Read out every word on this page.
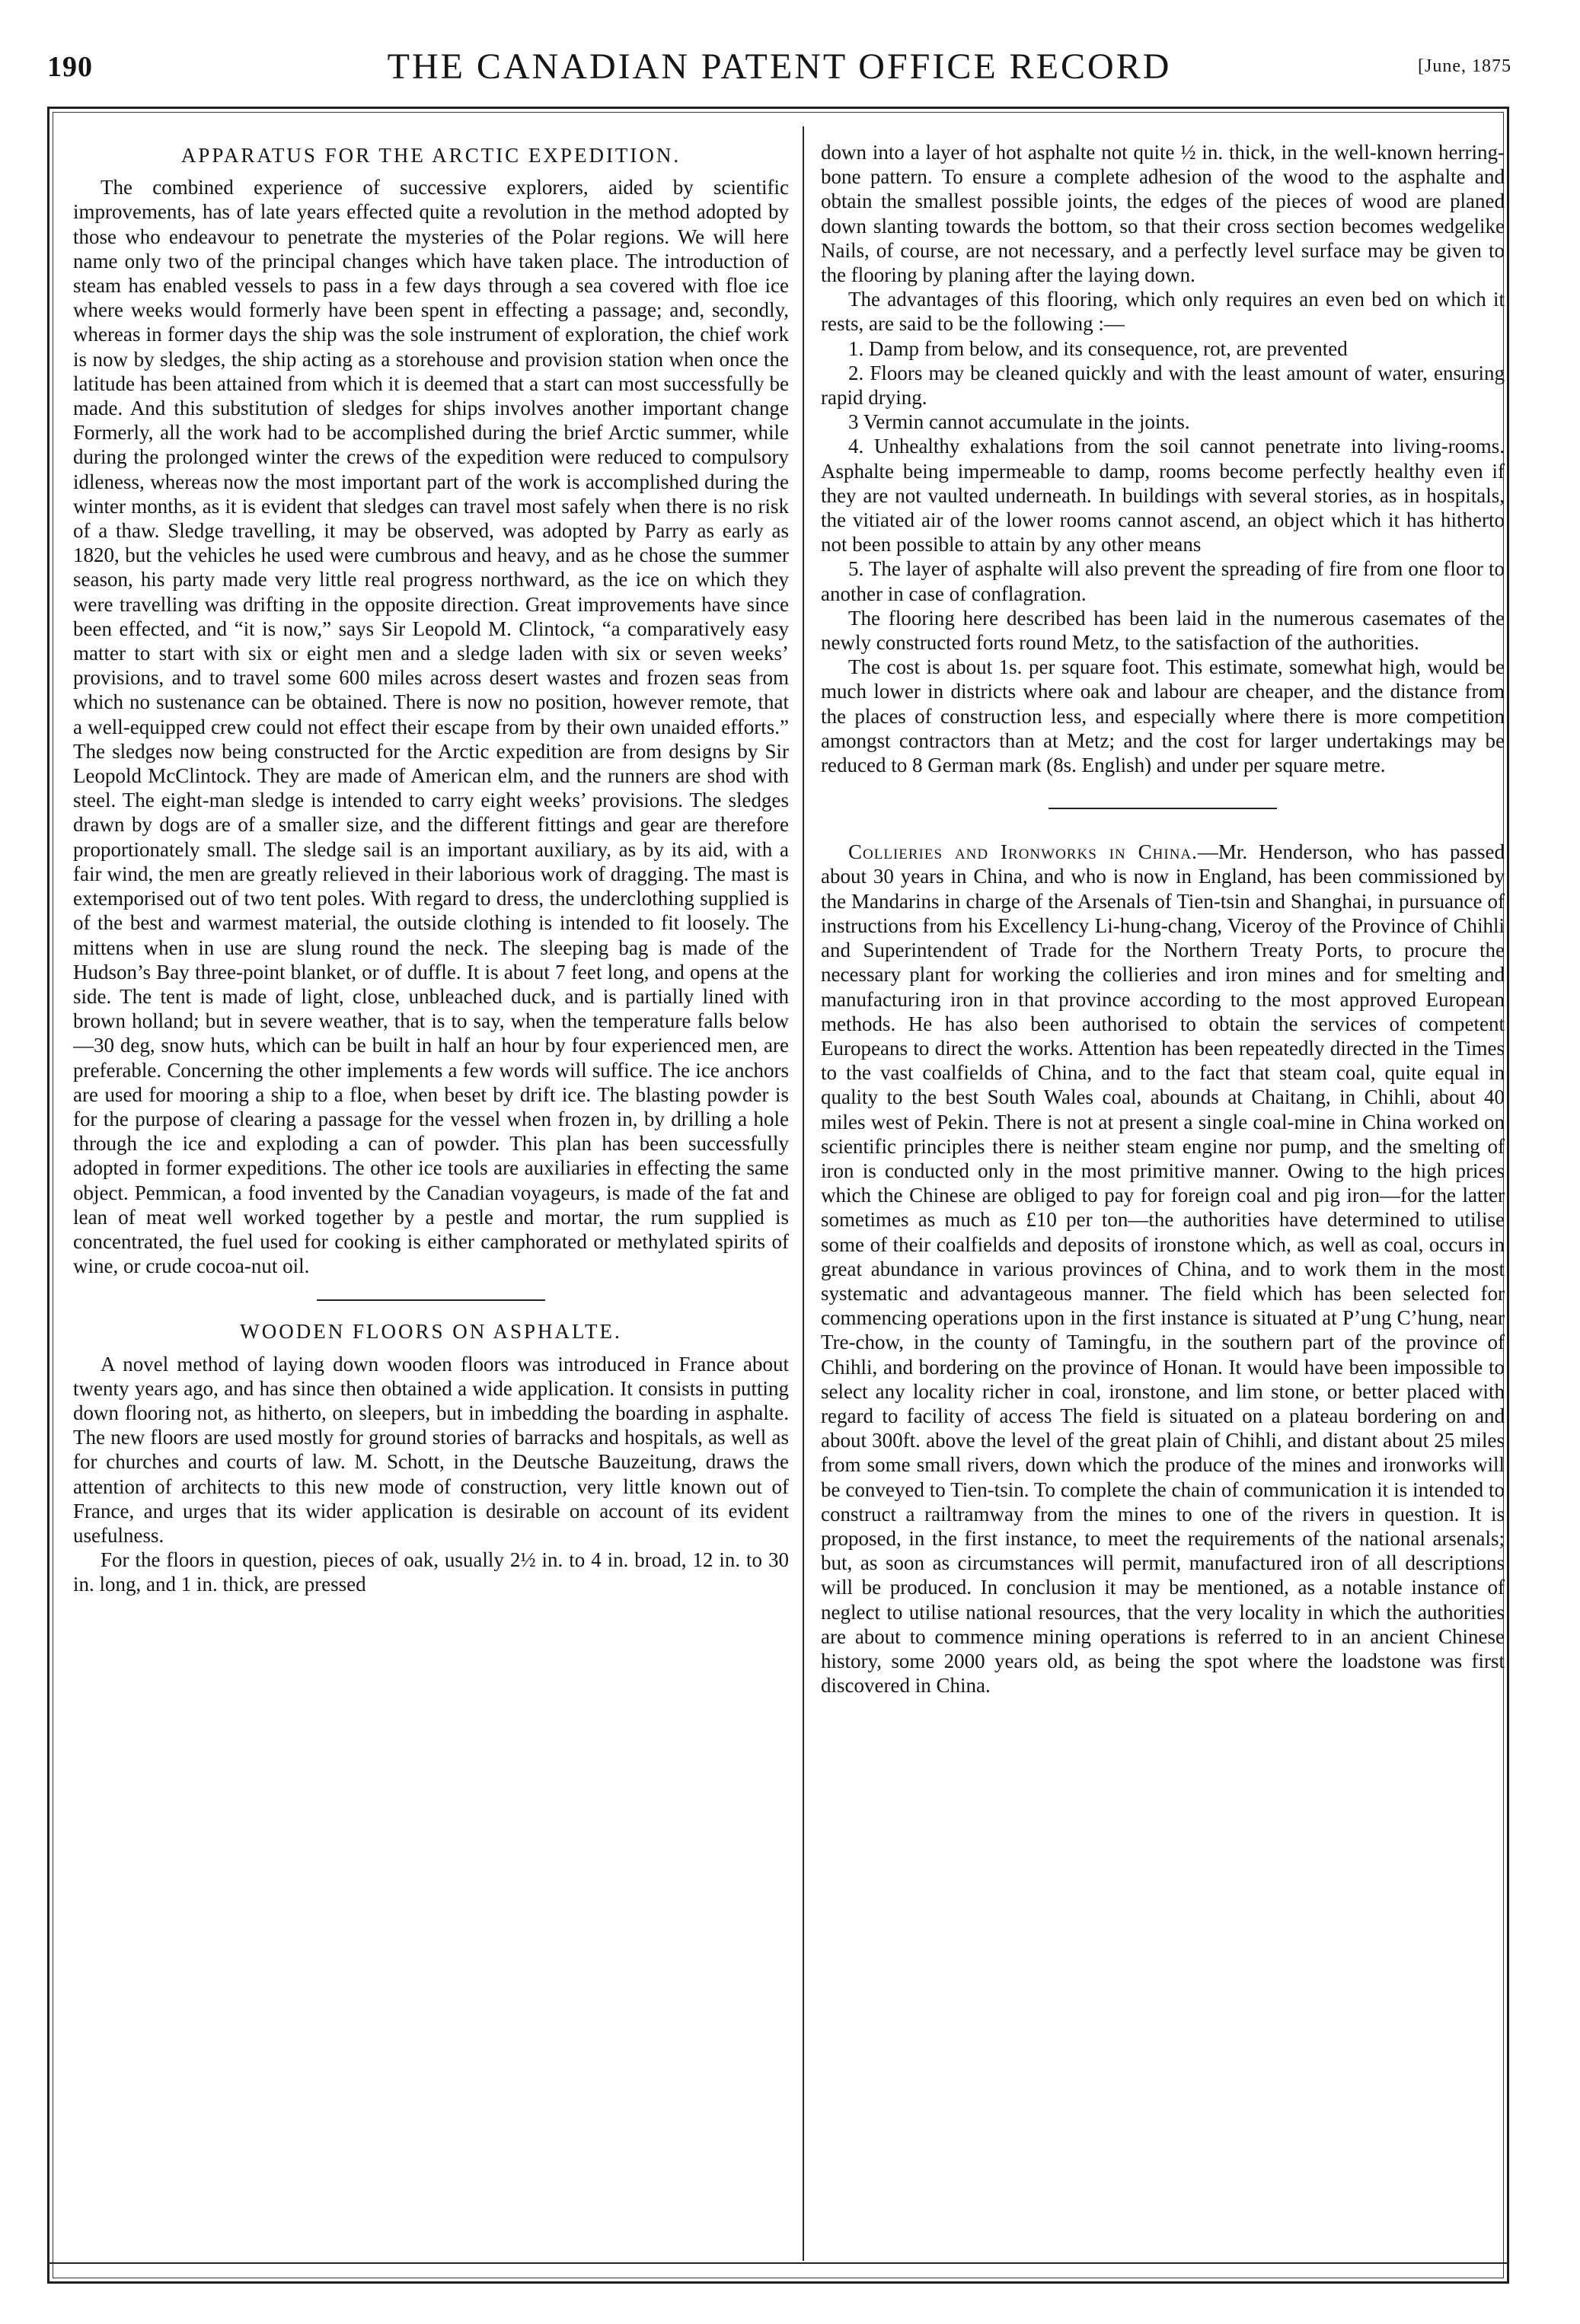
190	THE CANADIAN PATENT OFFICE RECORD	[June, 1875
APPARATUS FOR THE ARCTIC EXPEDITION.

The combined experience of successive explorers, aided by scientific improvements, has of late years effected quite a revolution in the method adopted by those who endeavour to penetrate the mysteries of the Polar regions. We will here name only two of the principal changes which have taken place. The introduction of steam has enabled vessels to pass in a few days through a sea covered with floe ice where weeks would formerly have been spent in effecting a passage; and, secondly, whereas in former days the ship was the sole instrument of exploration, the chief work is now by sledges, the ship acting as a storehouse and provision station when once the latitude has been attained from which it is deemed that a start can most successfully be made. And this substitution of sledges for ships involves another important change Formerly, all the work had to be accomplished during the brief Arctic summer, while during the prolonged winter the crews of the expedition were reduced to compulsory idleness, whereas now the most important part of the work is accomplished during the winter months, as it is evident that sledges can travel most safely when there is no risk of a thaw. Sledge travelling, it may be observed, was adopted by Parry as early as 1820, but the vehicles he used were cumbrous and heavy, and as he chose the summer season, his party made very little real progress northward, as the ice on which they were travelling was drifting in the opposite direction. Great improvements have since been effected, and “it is now,” says Sir Leopold M. Clintock, “a comparatively easy matter to start with six or eight men and a sledge laden with six or seven weeks’ provisions, and to travel some 600 miles across desert wastes and frozen seas from which no sustenance can be obtained. There is now no position, however remote, that a well-equipped crew could not effect their escape from by their own unaided efforts.” The sledges now being constructed for the Arctic expedition are from designs by Sir Leopold McClintock. They are made of American elm, and the runners are shod with steel. The eight-man sledge is intended to carry eight weeks’ provisions. The sledges drawn by dogs are of a smaller size, and the different fittings and gear are therefore proportionately small. The sledge sail is an important auxiliary, as by its aid, with a fair wind, the men are greatly relieved in their laborious work of dragging. The mast is extemporised out of two tent poles. With regard to dress, the underclothing supplied is of the best and warmest material, the outside clothing is intended to fit loosely. The mittens when in use are slung round the neck. The sleeping bag is made of the Hudson’s Bay three-point blanket, or of duffle. It is about 7 feet long, and opens at the side. The tent is made of light, close, unbleached duck, and is partially lined with brown holland; but in severe weather, that is to say, when the temperature falls below—30 deg, snow huts, which can be built in half an hour by four experienced men, are preferable. Concerning the other implements a few words will suffice. The ice anchors are used for mooring a ship to a floe, when beset by drift ice. The blasting powder is for the purpose of clearing a passage for the vessel when frozen in, by drilling a hole through the ice and exploding a can of powder. This plan has been successfully adopted in former expeditions. The other ice tools are auxiliaries in effecting the same object. Pemmican, a food invented by the Canadian voyageurs, is made of the fat and lean of meat well worked together by a pestle and mortar, the rum supplied is concentrated, the fuel used for cooking is either camphorated or methylated spirits of wine, or crude cocoa-nut oil.

WOODEN FLOORS ON ASPHALTE.

A novel method of laying down wooden floors was introduced in France about twenty years ago, and has since then obtained a wide application. It consists in putting down flooring not, as hitherto, on sleepers, but in imbedding the boarding in asphalte. The new floors are used mostly for ground stories of barracks and hospitals, as well as for churches and courts of law. M. Schott, in the Deutsche Bauzeitung, draws the attention of architects to this new mode of construction, very little known out of France, and urges that its wider application is desirable on account of its evident usefulness.

For the floors in question, pieces of oak, usually 2½ in. to 4 in. broad, 12 in. to 30 in. long, and 1 in. thick, are pressed

down into a layer of hot asphalte not quite ½ in. thick, in the well-known herring-bone pattern. To ensure a complete adhesion of the wood to the asphalte and obtain the smallest possible joints, the edges of the pieces of wood are planed down slanting towards the bottom, so that their cross section becomes wedgelike Nails, of course, are not necessary, and a perfectly level surface may be given to the flooring by planing after the laying down.

The advantages of this flooring, which only requires an even bed on which it rests, are said to be the following :—

1. Damp from below, and its consequence, rot, are prevented

2. Floors may be cleaned quickly and with the least amount of water, ensuring rapid drying.

3 Vermin cannot accumulate in the joints.

4. Unhealthy exhalations from the soil cannot penetrate into living-rooms. Asphalte being impermeable to damp, rooms become perfectly healthy even if they are not vaulted underneath. In buildings with several stories, as in hospitals, the vitiated air of the lower rooms cannot ascend, an object which it has hitherto not been possible to attain by any other means

5. The layer of asphalte will also prevent the spreading of fire from one floor to another in case of conflagration.

The flooring here described has been laid in the numerous casemates of the newly constructed forts round Metz, to the satisfaction of the authorities.

The cost is about 1s. per square foot. This estimate, somewhat high, would be much lower in districts where oak and labour are cheaper, and the distance from the places of construction less, and especially where there is more competition amongst contractors than at Metz; and the cost for larger undertakings may be reduced to 8 German mark (8s. English) and under per square metre.

Collieries and Ironworks in China.—Mr. Henderson, who has passed about 30 years in China, and who is now in England, has been commissioned by the Mandarins in charge of the Arsenals of Tien-tsin and Shanghai, in pursuance of instructions from his Excellency Li-hung-chang, Viceroy of the Province of Chihli and Superintendent of Trade for the Northern Treaty Ports, to procure the necessary plant for working the collieries and iron mines and for smelting and manufacturing iron in that province according to the most approved European methods. He has also been authorised to obtain the services of competent Europeans to direct the works. Attention has been repeatedly directed in the Times to the vast coalfields of China, and to the fact that steam coal, quite equal in quality to the best South Wales coal, abounds at Chaitang, in Chihli, about 40 miles west of Pekin. There is not at present a single coal-mine in China worked on scientific principles there is neither steam engine nor pump, and the smelting of iron is conducted only in the most primitive manner. Owing to the high prices which the Chinese are obliged to pay for foreign coal and pig iron—for the latter sometimes as much as £10 per ton—the authorities have determined to utilise some of their coalfields and deposits of ironstone which, as well as coal, occurs in great abundance in various provinces of China, and to work them in the most systematic and advantageous manner. The field which has been selected for commencing operations upon in the first instance is situated at P’ung C’hung, near Tre-chow, in the county of Tamingfu, in the southern part of the province of Chihli, and bordering on the province of Honan. It would have been impossible to select any locality richer in coal, ironstone, and lim stone, or better placed with regard to facility of access The field is situated on a plateau bordering on and about 300ft. above the level of the great plain of Chihli, and distant about 25 miles from some small rivers, down which the produce of the mines and ironworks will be conveyed to Tien-tsin. To complete the chain of communication it is intended to construct a railtramway from the mines to one of the rivers in question. It is proposed, in the first instance, to meet the requirements of the national arsenals; but, as soon as circumstances will permit, manufactured iron of all descriptions will be produced. In conclusion it may be mentioned, as a notable instance of neglect to utilise national resources, that the very locality in which the authorities are about to commence mining operations is referred to in an ancient Chinese history, some 2000 years old, as being the spot where the loadstone was first discovered in China.
